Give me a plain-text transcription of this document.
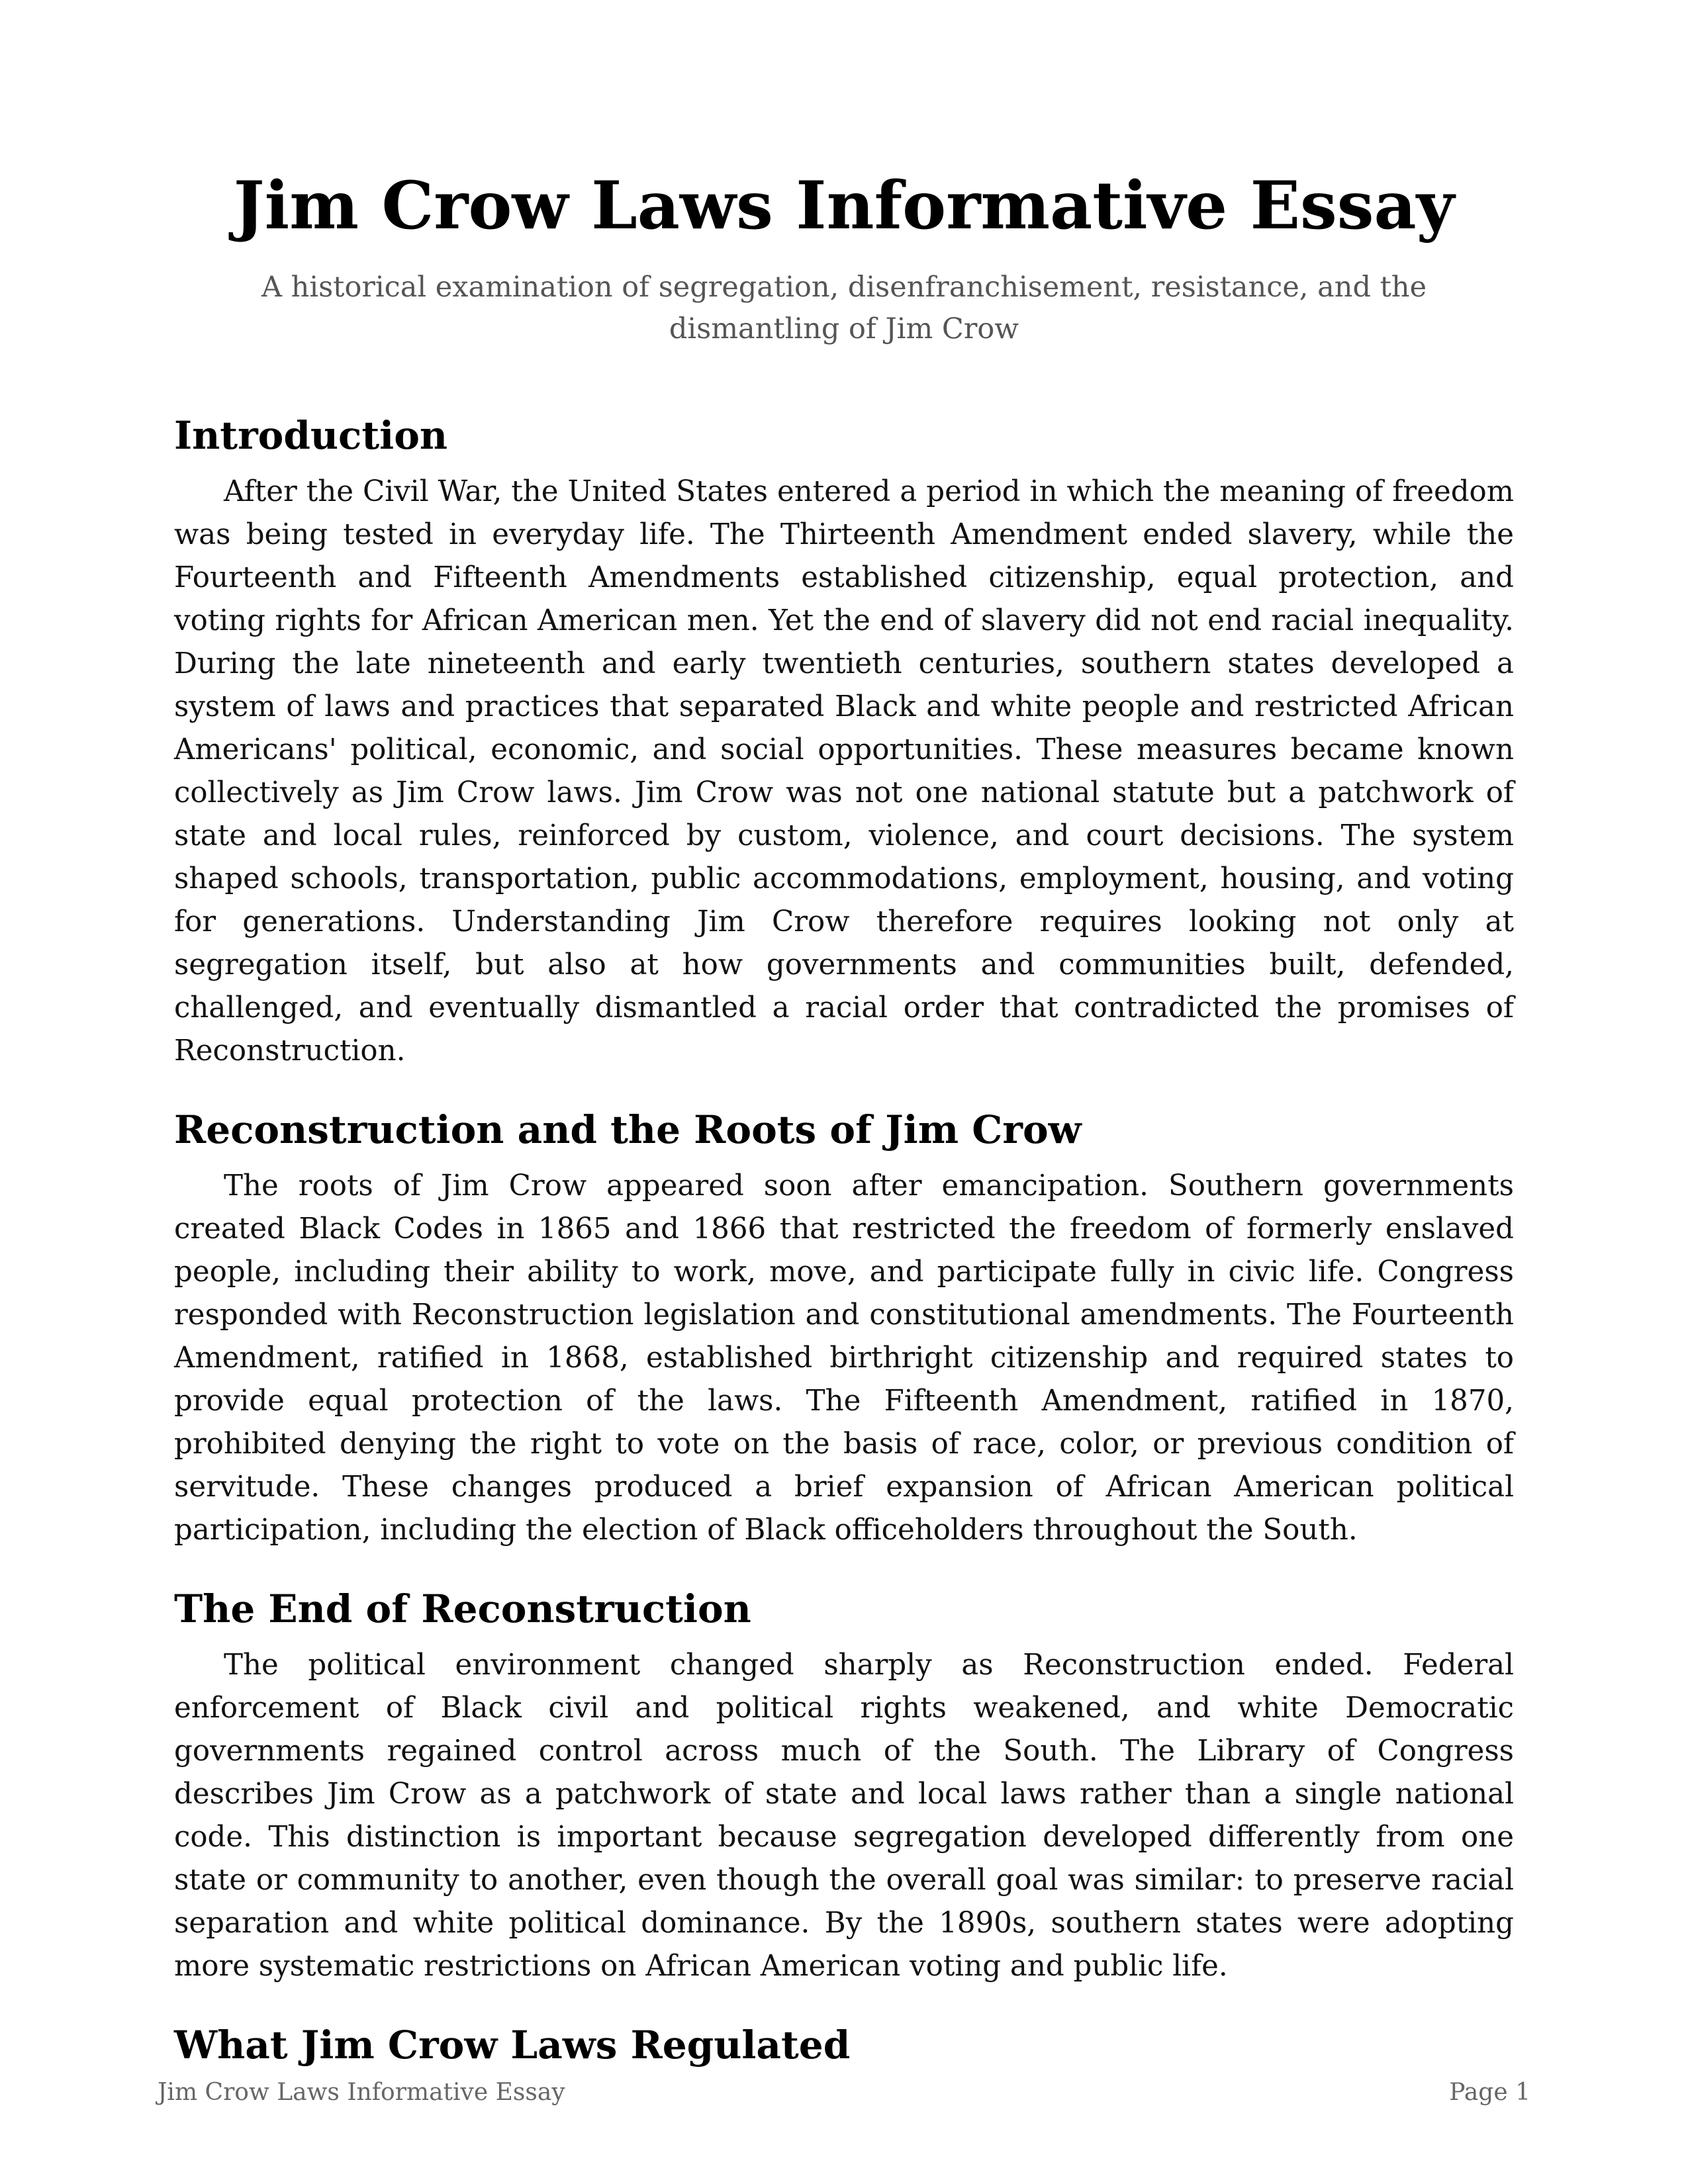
Jim Crow Laws Informative Essay
A historical examination of segregation, disenfranchisement, resistance, and the dismantling of Jim Crow
Introduction

After the Civil War, the United States entered a period in which the meaning of freedom was being tested in everyday life. The Thirteenth Amendment ended slavery, while the Fourteenth and Fifteenth Amendments established citizenship, equal protection, and voting rights for African American men. Yet the end of slavery did not end racial inequality. During the late nineteenth and early twentieth centuries, southern states developed a system of laws and practices that separated Black and white people and restricted African Americans' political, economic, and social opportunities. These measures became known collectively as Jim Crow laws. Jim Crow was not one national statute but a patchwork of state and local rules, reinforced by custom, violence, and court decisions. The system shaped schools, transportation, public accommodations, employment, housing, and voting for generations. Understanding Jim Crow therefore requires looking not only at segregation itself, but also at how governments and communities built, defended, challenged, and eventually dismantled a racial order that contradicted the promises of Reconstruction.

Reconstruction and the Roots of Jim Crow

The roots of Jim Crow appeared soon after emancipation. Southern governments created Black Codes in 1865 and 1866 that restricted the freedom of formerly enslaved people, including their ability to work, move, and participate fully in civic life. Congress responded with Reconstruction legislation and constitutional amendments. The Fourteenth Amendment, ratified in 1868, established birthright citizenship and required states to provide equal protection of the laws. The Fifteenth Amendment, ratified in 1870, prohibited denying the right to vote on the basis of race, color, or previous condition of servitude. These changes produced a brief expansion of African American political participation, including the election of Black officeholders throughout the South.

The End of Reconstruction

The political environment changed sharply as Reconstruction ended. Federal enforcement of Black civil and political rights weakened, and white Democratic governments regained control across much of the South. The Library of Congress describes Jim Crow as a patchwork of state and local laws rather than a single national code. This distinction is important because segregation developed differently from one state or community to another, even though the overall goal was similar: to preserve racial separation and white political dominance. By the 1890s, southern states were adopting more systematic restrictions on African American voting and public life.

What Jim Crow Laws Regulated
Jim Crow Laws Informative Essay	Page 1
